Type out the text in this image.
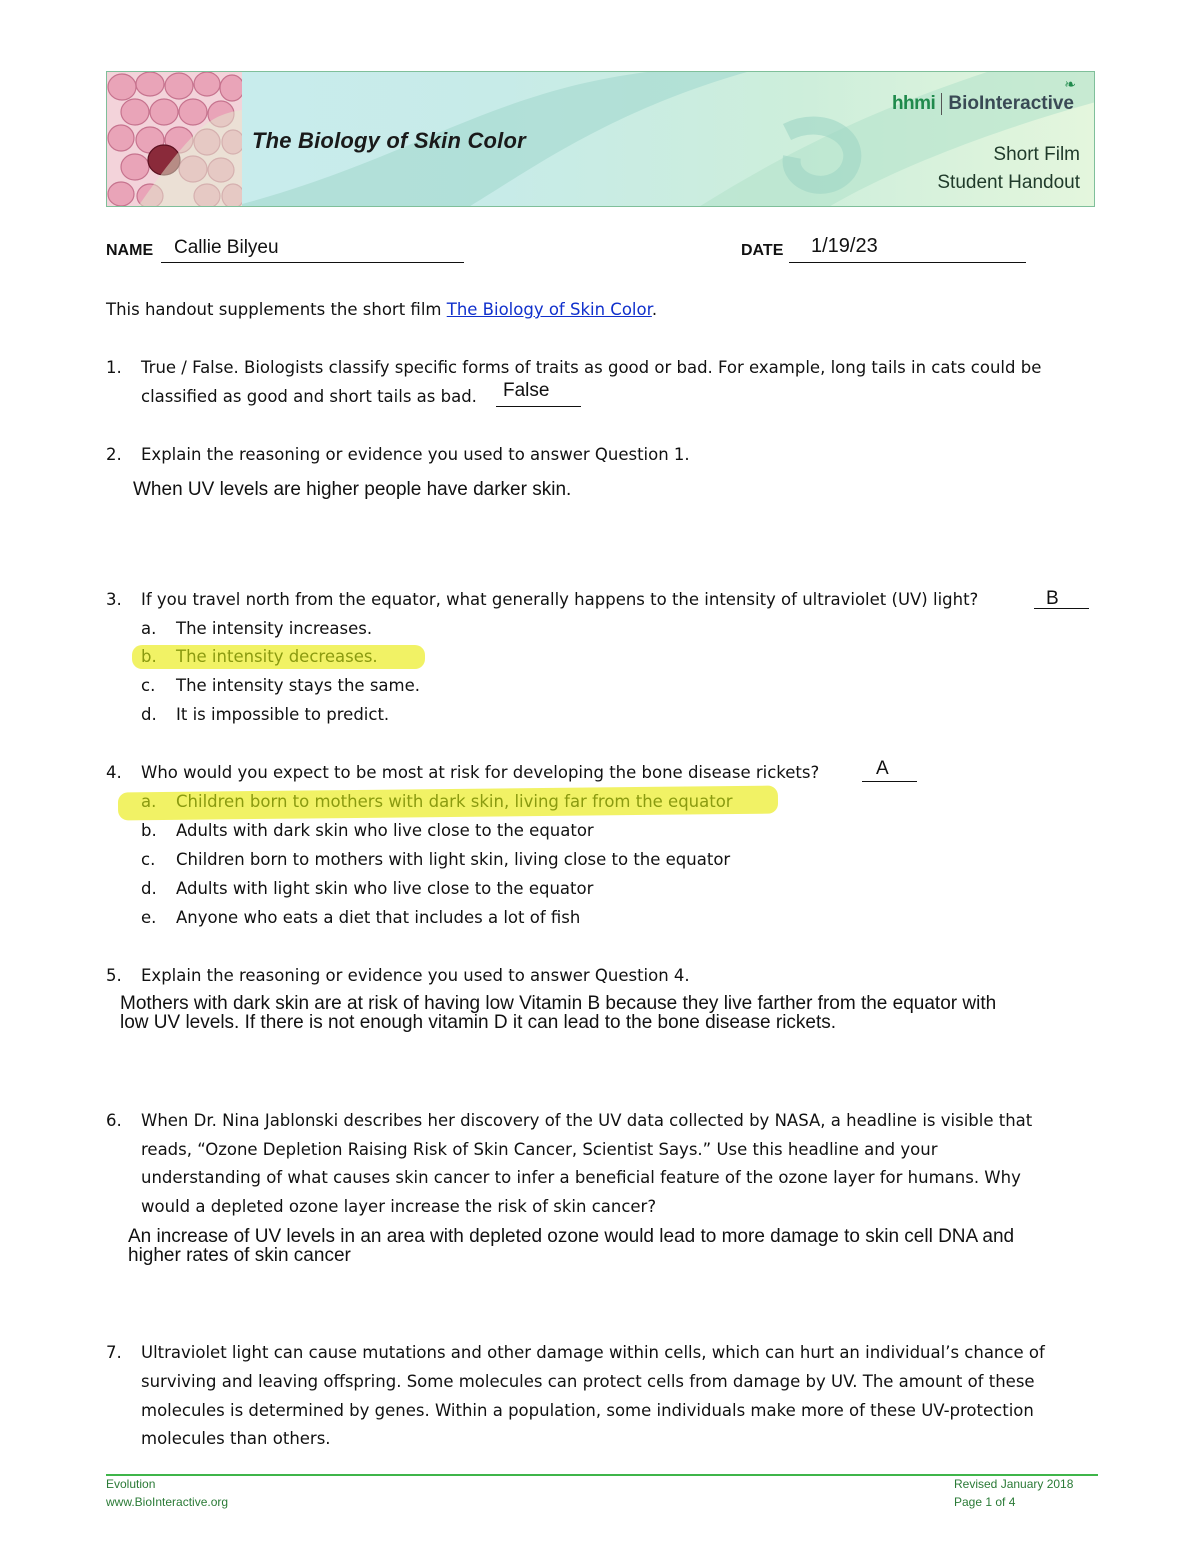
The Biology of Skin Color
❧
hhmi BioInteractive
Short Film
Student Handout
NAME Callie Bilyeu	DATE 1/19/23
This handout supplements the short film The Biology of Skin Color.
1. True / False. Biologists classify specific forms of traits as good or bad. For example, long tails in cats could be
classified as good and short tails as bad. False
2. Explain the reasoning or evidence you used to answer Question 1.
When UV levels are higher people have darker skin.
3. If you travel north from the equator, what generally happens to the intensity of ultraviolet (UV) light?	B
a. The intensity increases.
b. The intensity decreases.
c. The intensity stays the same.
d. It is impossible to predict.
4. Who would you expect to be most at risk for developing the bone disease rickets?	A
a. Children born to mothers with dark skin, living far from the equator
b. Adults with dark skin who live close to the equator
c. Children born to mothers with light skin, living close to the equator
d. Adults with light skin who live close to the equator
e. Anyone who eats a diet that includes a lot of fish
5. Explain the reasoning or evidence you used to answer Question 4.
Mothers with dark skin are at risk of having low Vitamin B because they live farther from the equator with
low UV levels. If there is not enough vitamin D it can lead to the bone disease rickets.
6. When Dr. Nina Jablonski describes her discovery of the UV data collected by NASA, a headline is visible that
reads, “Ozone Depletion Raising Risk of Skin Cancer, Scientist Says.” Use this headline and your
understanding of what causes skin cancer to infer a beneficial feature of the ozone layer for humans. Why
would a depleted ozone layer increase the risk of skin cancer?
An increase of UV levels in an area with depleted ozone would lead to more damage to skin cell DNA and
higher rates of skin cancer
7. Ultraviolet light can cause mutations and other damage within cells, which can hurt an individual’s chance of
surviving and leaving offspring. Some molecules can protect cells from damage by UV. The amount of these
molecules is determined by genes. Within a population, some individuals make more of these UV-protection
molecules than others.
Evolution
www.BioInteractive.org
Revised January 2018
Page 1 of 4
